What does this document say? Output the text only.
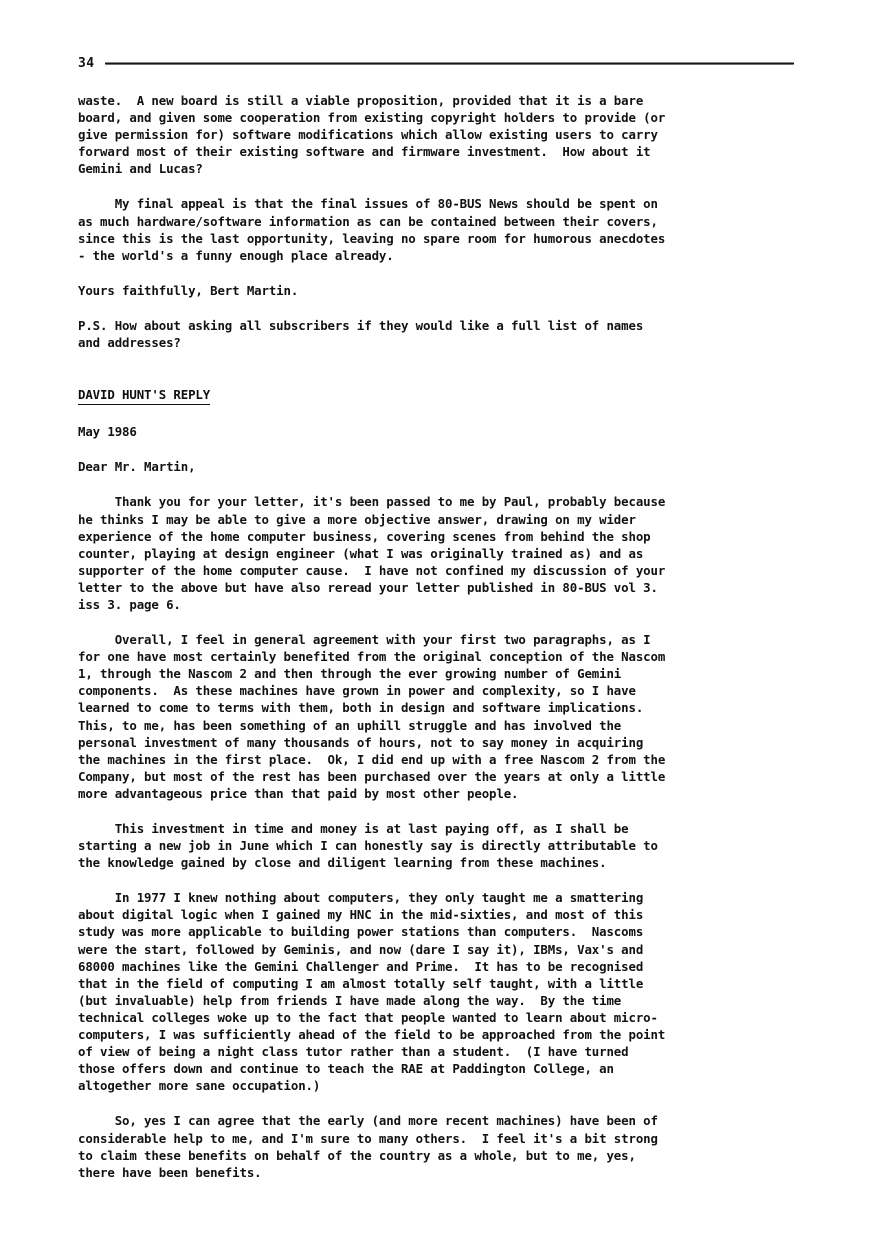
34
waste.  A new board is still a viable proposition, provided that it is a bare
board, and given some cooperation from existing copyright holders to provide (or
give permission for) software modifications which allow existing users to carry
forward most of their existing software and firmware investment.  How about it
Gemini and Lucas?
My final appeal is that the final issues of 80-BUS News should be spent on
as much hardware/software information as can be contained between their covers,
since this is the last opportunity, leaving no spare room for humorous anecdotes
- the world's a funny enough place already.
Yours faithfully, Bert Martin.
P.S. How about asking all subscribers if they would like a full list of names
and addresses?
DAVID HUNT'S REPLY
May 1986
Dear Mr. Martin,
Thank you for your letter, it's been passed to me by Paul, probably because
he thinks I may be able to give a more objective answer, drawing on my wider
experience of the home computer business, covering scenes from behind the shop
counter, playing at design engineer (what I was originally trained as) and as
supporter of the home computer cause.  I have not confined my discussion of your
letter to the above but have also reread your letter published in 80-BUS vol 3.
iss 3. page 6.
Overall, I feel in general agreement with your first two paragraphs, as I
for one have most certainly benefited from the original conception of the Nascom
1, through the Nascom 2 and then through the ever growing number of Gemini
components.  As these machines have grown in power and complexity, so I have
learned to come to terms with them, both in design and software implications.
This, to me, has been something of an uphill struggle and has involved the
personal investment of many thousands of hours, not to say money in acquiring
the machines in the first place.  Ok, I did end up with a free Nascom 2 from the
Company, but most of the rest has been purchased over the years at only a little
more advantageous price than that paid by most other people.
This investment in time and money is at last paying off, as I shall be
starting a new job in June which I can honestly say is directly attributable to
the knowledge gained by close and diligent learning from these machines.
In 1977 I knew nothing about computers, they only taught me a smattering
about digital logic when I gained my HNC in the mid-sixties, and most of this
study was more applicable to building power stations than computers.  Nascoms
were the start, followed by Geminis, and now (dare I say it), IBMs, Vax's and
68000 machines like the Gemini Challenger and Prime.  It has to be recognised
that in the field of computing I am almost totally self taught, with a little
(but invaluable) help from friends I have made along the way.  By the time
technical colleges woke up to the fact that people wanted to learn about micro-
computers, I was sufficiently ahead of the field to be approached from the point
of view of being a night class tutor rather than a student.  (I have turned
those offers down and continue to teach the RAE at Paddington College, an
altogether more sane occupation.)
So, yes I can agree that the early (and more recent machines) have been of
considerable help to me, and I'm sure to many others.  I feel it's a bit strong
to claim these benefits on behalf of the country as a whole, but to me, yes,
there have been benefits.
